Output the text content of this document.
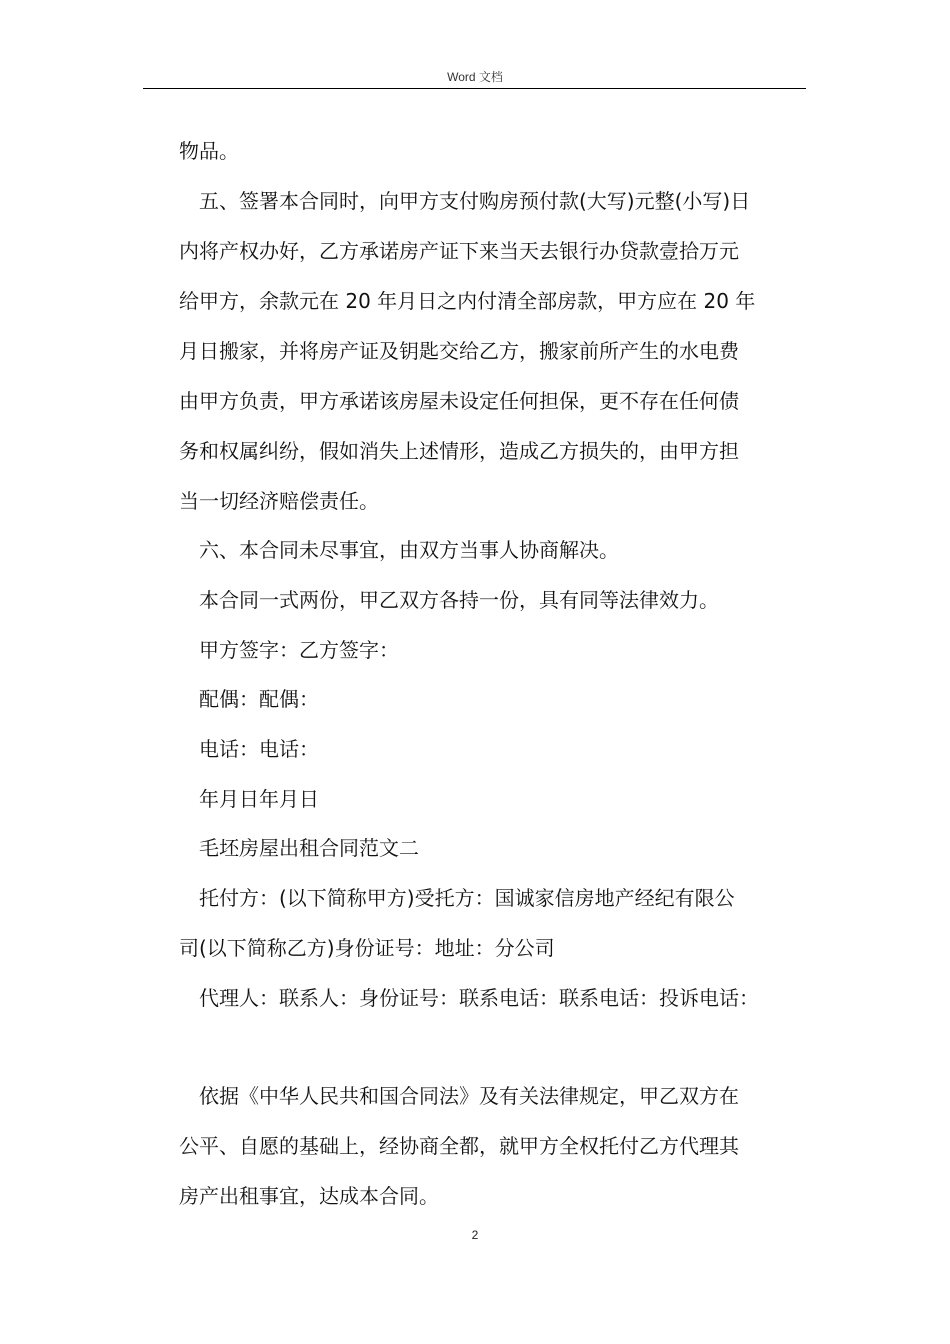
Word 文档
物品。
五、签署本合同时，向甲方支付购房预付款(大写)元整(小写)日
内将产权办好，乙方承诺房产证下来当天去银行办贷款壹拾万元
给甲方，余款元在 20 年月日之内付清全部房款，甲方应在 20 年
月日搬家，并将房产证及钥匙交给乙方，搬家前所产生的水电费
由甲方负责，甲方承诺该房屋未设定任何担保，更不存在任何债
务和权属纠纷，假如消失上述情形，造成乙方损失的，由甲方担
当一切经济赔偿责任。
六、本合同未尽事宜，由双方当事人协商解决。
本合同一式两份，甲乙双方各持一份，具有同等法律效力。
甲方签字：乙方签字：
配偶：配偶：
电话：电话：
年月日年月日
毛坯房屋出租合同范文二
托付方：(以下简称甲方)受托方：国诚家信房地产经纪有限公
司(以下简称乙方)身份证号：地址：分公司
代理人：联系人：身份证号：联系电话：联系电话：投诉电话：
依据《中华人民共和国合同法》及有关法律规定，甲乙双方在
公平、自愿的基础上，经协商全都，就甲方全权托付乙方代理其
房产出租事宜，达成本合同。
2
